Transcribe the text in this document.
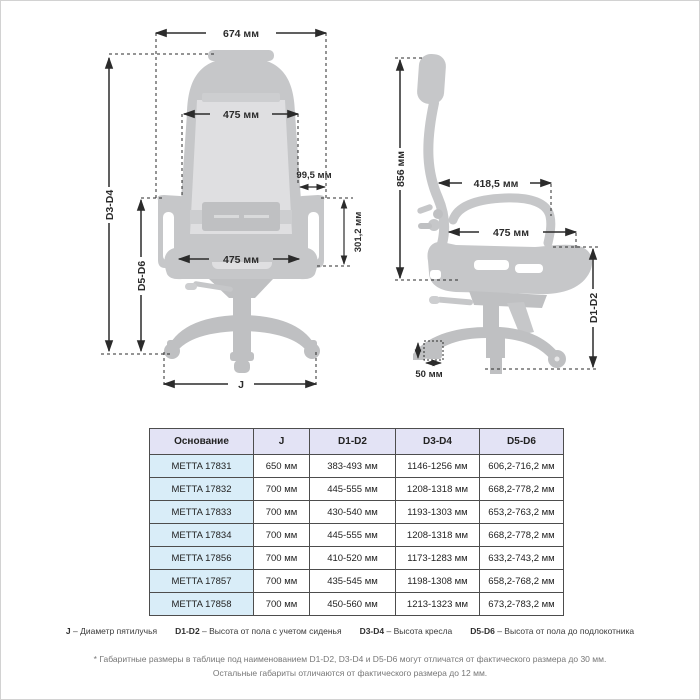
674 мм
D3-D4
D5-D6
475 мм
99,5 мм
301,2 мм
475 мм
J
856 мм	418,5 мм
475 мм
D1-D2
50 мм
Основание	J	D1-D2	D3-D4	D5-D6
METTA 17831	650 мм	383-493 мм	1146-1256 мм	606,2-716,2 мм
METTA 17832	700 мм	445-555 мм	1208-1318 мм	668,2-778,2 мм
METTA 17833	700 мм	430-540 мм	1193-1303 мм	653,2-763,2 мм
METTA 17834	700 мм	445-555 мм	1208-1318 мм	668,2-778,2 мм
METTA 17856	700 мм	410-520 мм	1173-1283 мм	633,2-743,2 мм
METTA 17857	700 мм	435-545 мм	1198-1308 мм	658,2-768,2 мм
METTA 17858	700 мм	450-560 мм	1213-1323 мм	673,2-783,2 мм
J – Диаметр пятилучья D1-D2 – Высота от пола с учетом сиденья D3-D4 – Высота кресла D5-D6 – Высота от пола до подлокотника
* Габаритные размеры в таблице под наименованием D1-D2, D3-D4 и D5-D6 могут отличатся от фактического размера до 30 мм.
Остальные габариты отличаются от фактического размера до 12 мм.
